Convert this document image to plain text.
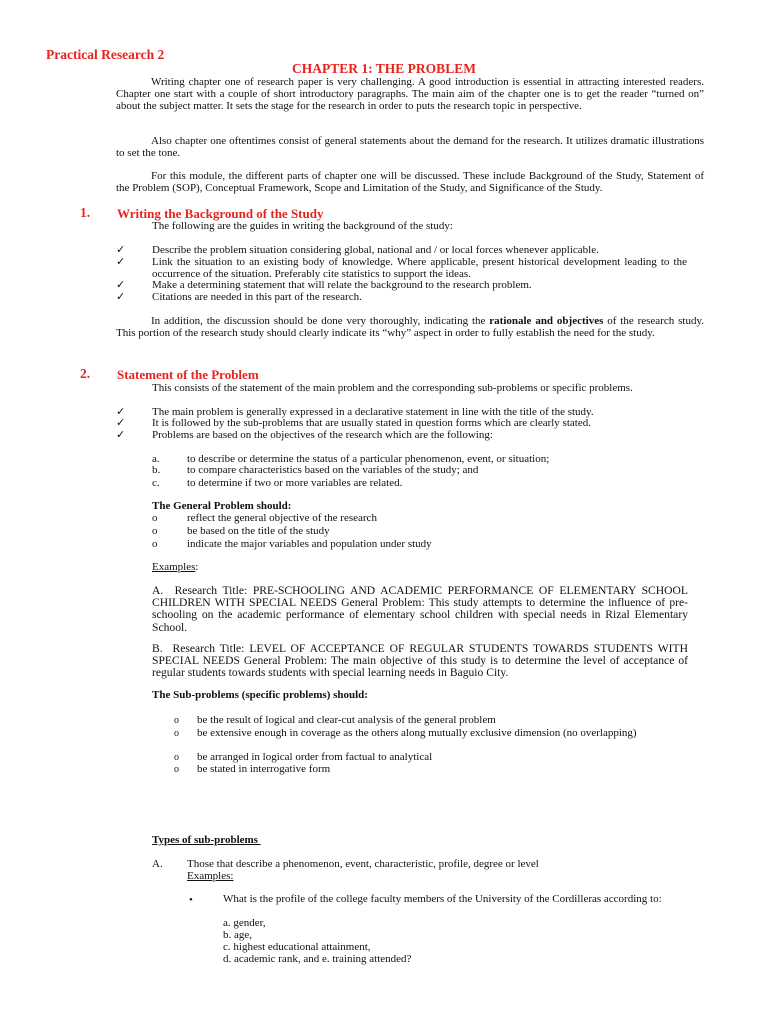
Practical Research 2
CHAPTER 1: THE PROBLEM
Writing chapter one of research paper is very challenging. A good introduction is essential in attracting interested readers. Chapter one start with a couple of short introductory paragraphs. The main aim of the chapter one is to get the reader “turned on” about the subject matter. It sets the stage for the research in order to puts the research topic in perspective.
Also chapter one oftentimes consist of general statements about the demand for the research. It utilizes dramatic illustrations to set the tone.
For this module, the different parts of chapter one will be discussed. These include Background of the Study, Statement of the Problem (SOP), Conceptual Framework, Scope and Limitation of the Study, and Significance of the Study.
1. Writing the Background of the Study
The following are the guides in writing the background of the study:
✓	Describe the problem situation considering global, national and / or local forces whenever applicable.
✓	Link the situation to an existing body of knowledge. Where applicable, present historical development leading to the occurrence of the situation. Preferably cite statistics to support the ideas.
✓	Make a determining statement that will relate the background to the research problem.
✓	Citations are needed in this part of the research.
In addition, the discussion should be done very thoroughly, indicating the rationale and objectives of the research study. This portion of the research study should clearly indicate its “why” aspect in order to fully establish the need for the study.
2. Statement of the Problem
This consists of the statement of the main problem and the corresponding sub-problems or specific problems.
✓	The main problem is generally expressed in a declarative statement in line with the title of the study.
✓	It is followed by the sub-problems that are usually stated in question forms which are clearly stated.
✓	Problems are based on the objectives of the research which are the following:
a. to describe or determine the status of a particular phenomenon, event, or situation;
b. to compare characteristics based on the variables of the study; and
c. to determine if two or more variables are related.
The General Problem should:
o	reflect the general objective of the research
o	be based on the title of the study
o	indicate the major variables and population under study
Examples:
A. Research Title: PRE-SCHOOLING AND ACADEMIC PERFORMANCE OF ELEMENTARY SCHOOL CHILDREN WITH SPECIAL NEEDS General Problem: This study attempts to determine the influence of pre-schooling on the academic performance of elementary school children with special needs in Rizal Elementary School.
B. Research Title: LEVEL OF ACCEPTANCE OF REGULAR STUDENTS TOWARDS STUDENTS WITH SPECIAL NEEDS General Problem: The main objective of this study is to determine the level of acceptance of regular students towards students with special learning needs in Baguio City.
The Sub-problems (specific problems) should:
o be the result of logical and clear-cut analysis of the general problem
o be extensive enough in coverage as the others along mutually exclusive dimension (no overlapping)
o be arranged in logical order from factual to analytical
o be stated in interrogative form
Types of sub-problems
A. Those that describe a phenomenon, event, characteristic, profile, degree or level
Examples:
•	What is the profile of the college faculty members of the University of the Cordilleras according to:
a. gender,
b. age,
c. highest educational attainment,
d. academic rank, and e. training attended?
